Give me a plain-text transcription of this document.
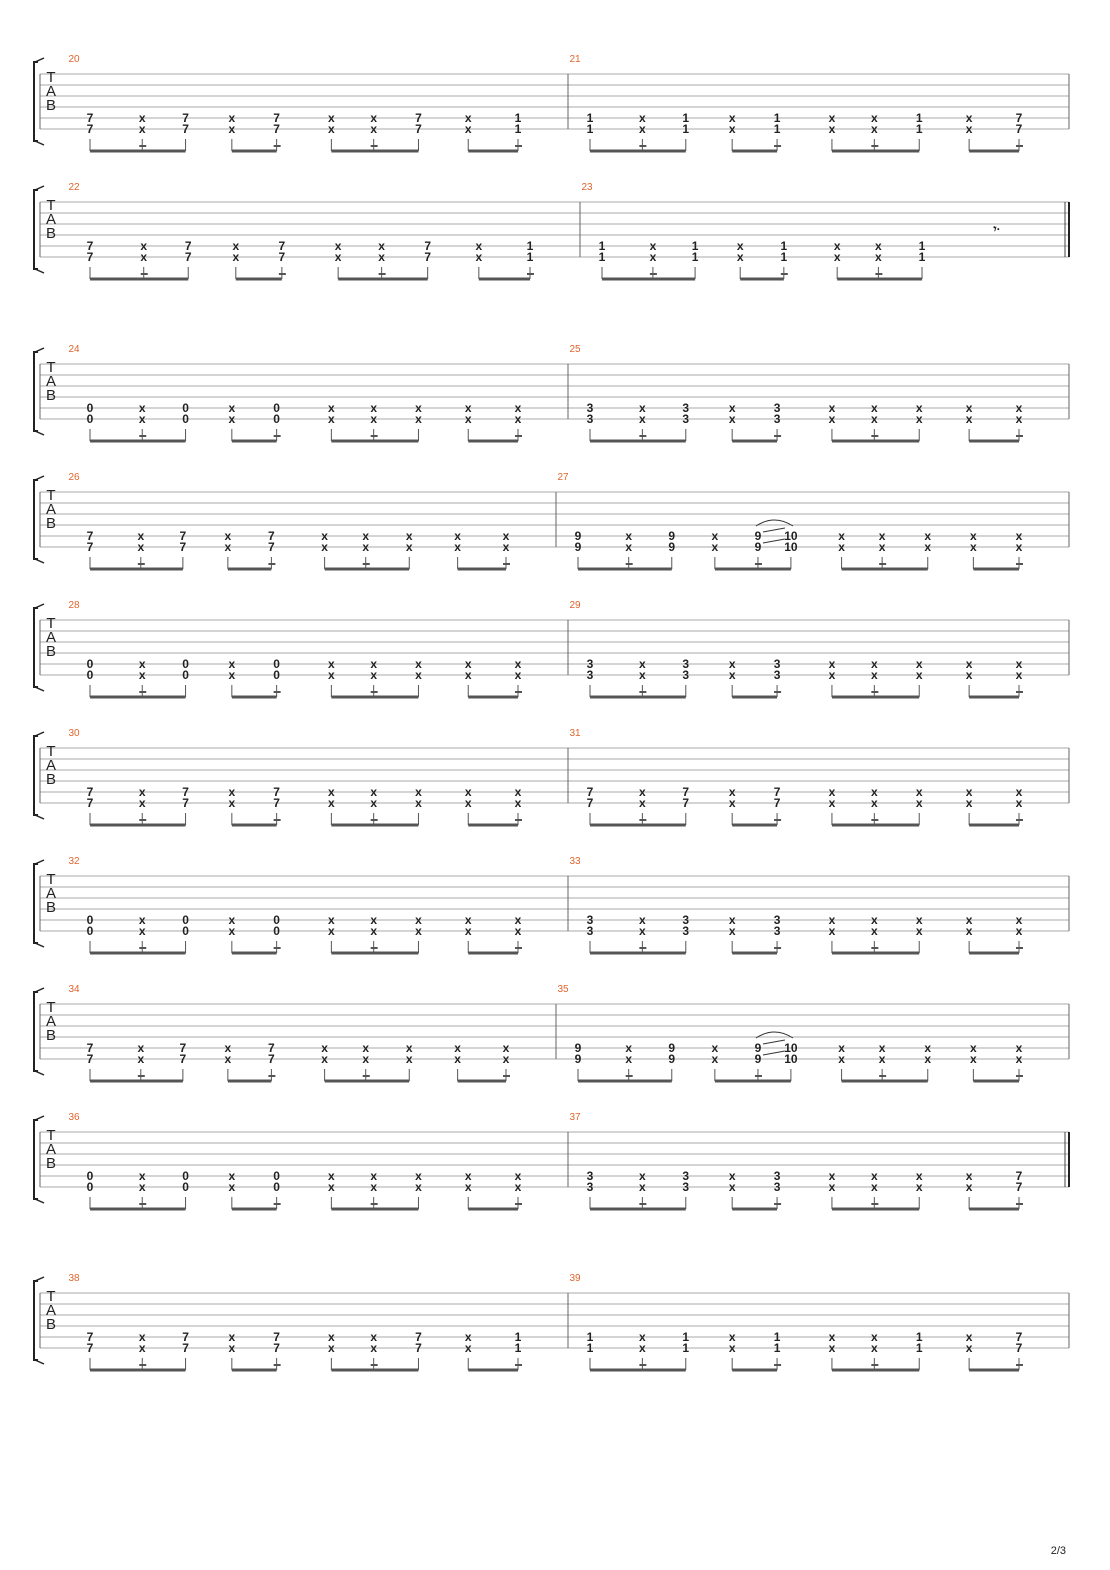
T
A
B
20
7
7
x
x
7
7
x
x
7
7
x
x
x
x
7
7
x
x
1
1
21
1
1
x
x
1
1
x
x
1
1
x
x
x
x
1
1
x
x
7
7
T
A
B
22
7
7
x
x
7
7
x
x
7
7
x
x
x
x
7
7
x
x
1
1
23
1
1
x
x
1
1
x
x
1
1
x
x
x
x
1
1
𝄾·
T
A
B
24
0
0
x
x
0
0
x
x
0
0
x
x
x
x
x
x
x
x
x
x
25
3
3
x
x
3
3
x
x
3
3
x
x
x
x
x
x
x
x
x
x
T
A
B
26
7
7
x
x
7
7
x
x
7
7
x
x
x
x
x
x
x
x
x
x
27
9
9
x
x
9
9
x
x
9
9
10
10
x
x
x
x
x
x
x
x
x
x
T
A
B
28
0
0
x
x
0
0
x
x
0
0
x
x
x
x
x
x
x
x
x
x
29
3
3
x
x
3
3
x
x
3
3
x
x
x
x
x
x
x
x
x
x
T
A
B
30
7
7
x
x
7
7
x
x
7
7
x
x
x
x
x
x
x
x
x
x
31
7
7
x
x
7
7
x
x
7
7
x
x
x
x
x
x
x
x
x
x
T
A
B
32
0
0
x
x
0
0
x
x
0
0
x
x
x
x
x
x
x
x
x
x
33
3
3
x
x
3
3
x
x
3
3
x
x
x
x
x
x
x
x
x
x
T
A
B
34
7
7
x
x
7
7
x
x
7
7
x
x
x
x
x
x
x
x
x
x
35
9
9
x
x
9
9
x
x
9
9
10
10
x
x
x
x
x
x
x
x
x
x
T
A
B
36
0
0
x
x
0
0
x
x
0
0
x
x
x
x
x
x
x
x
x
x
37
3
3
x
x
3
3
x
x
3
3
x
x
x
x
x
x
x
x
7
7
T
A
B
38
7
7
x
x
7
7
x
x
7
7
x
x
x
x
7
7
x
x
1
1
39
1
1
x
x
1
1
x
x
1
1
x
x
x
x
1
1
x
x
7
7
2/3
